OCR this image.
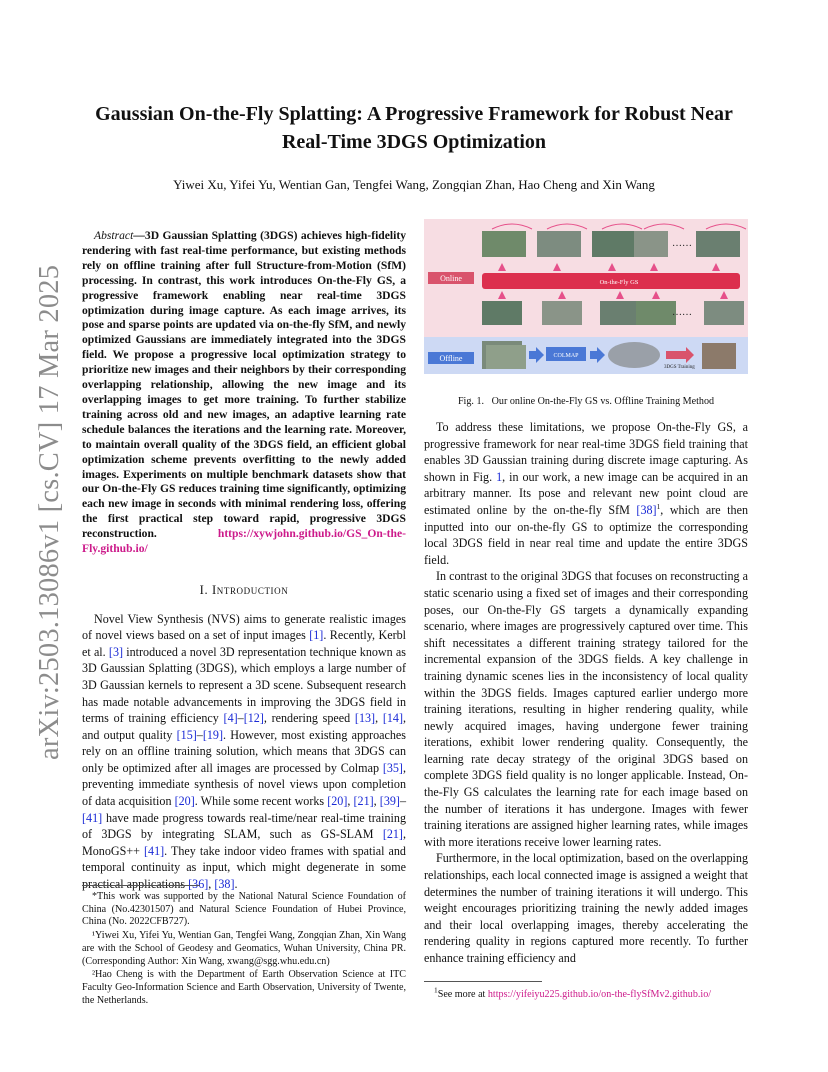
arXiv:2503.13086v1 [cs.CV] 17 Mar 2025
Gaussian On-the-Fly Splatting: A Progressive Framework for Robust Near Real-Time 3DGS Optimization
Yiwei Xu, Yifei Yu, Wentian Gan, Tengfei Wang, Zongqian Zhan, Hao Cheng and Xin Wang

Abstract—3D Gaussian Splatting (3DGS) achieves high-fidelity rendering with fast real-time performance, but existing methods rely on offline training after full Structure-from-Motion (SfM) processing. In contrast, this work introduces On-the-Fly GS, a progressive framework enabling near real-time 3DGS optimization during image capture. As each image arrives, its pose and sparse points are updated via on-the-fly SfM, and newly optimized Gaussians are immediately integrated into the 3DGS field. We propose a progressive local optimization strategy to prioritize new images and their neighbors by their corresponding overlapping relationship, allowing the new image and its overlapping images to get more training. To further stabilize training across old and new images, an adaptive learning rate schedule balances the iterations and the learning rate. Moreover, to maintain overall quality of the 3DGS field, an efficient global optimization scheme prevents overfitting to the newly added images. Experiments on multiple benchmark datasets show that our On-the-Fly GS reduces training time significantly, optimizing each new image in seconds with minimal rendering loss, offering the first practical step toward rapid, progressive 3DGS reconstruction.	https://xywjohn.github.io/GS_On-the-Fly.github.io/

I. Introduction

Novel View Synthesis (NVS) aims to generate realistic images of novel views based on a set of input images [1]. Recently, Kerbl et al. [3] introduced a novel 3D representation technique known as 3D Gaussian Splatting (3DGS), which employs a large number of 3D Gaussian kernels to represent a 3D scene. Subsequent research has made notable advancements in improving the 3DGS field in terms of training efficiency [4]–[12], rendering speed [13], [14], and output quality [15]–[19]. However, most existing approaches rely on an offline training solution, which means that 3DGS can only be optimized after all images are processed by Colmap [35], preventing immediate synthesis of novel views upon completion of data acquisition [20]. While some recent works [20], [21], [39]–[41] have made progress towards real-time/near real-time training of 3DGS by integrating SLAM, such as GS-SLAM [21], MonoGS++ [41]. They take indoor video frames with spatial and temporal continuity as input, which might degenerate in some practical applications [36], [38].

*This work was supported by the National Natural Science Foundation of China (No.42301507) and Natural Science Foundation of Hubei Province, China (No. 2022CFB727).

¹Yiwei Xu, Yifei Yu, Wentian Gan, Tengfei Wang, Zongqian Zhan, Xin Wang are with the School of Geodesy and Geomatics, Wuhan University, China PR. (Corresponding Author: Xin Wang, xwang@sgg.whu.edu.cn)

²Hao Cheng is with the Department of Earth Observation Science at ITC Faculty Geo-Information Science and Earth Observation, University of Twente, the Netherlands.

Online
Offline
On-the-Fly GS
……
……
COLMAP
3DGS Training
Fig. 1. Our online On-the-Fly GS vs. Offline Training Method

To address these limitations, we propose On-the-Fly GS, a progressive framework for near real-time 3DGS field training that enables 3D Gaussian training during discrete image capturing. As shown in Fig. 1, in our work, a new image can be acquired in an arbitrary manner. Its pose and relevant new point cloud are estimated online by the on-the-fly SfM $[38]^1$, which are then inputted into our on-the-fly GS to optimize the corresponding local 3DGS field in near real time and update the entire 3DGS field.

In contrast to the original 3DGS that focuses on reconstructing a static scenario using a fixed set of images and their corresponding poses, our On-the-Fly GS targets a dynamically expanding scenario, where images are progressively captured over time. This shift necessitates a different training strategy tailored for the incremental expansion of the 3DGS fields. A key challenge in training dynamic scenes lies in the inconsistency of local quality within the 3DGS fields. Images captured earlier undergo more training iterations, resulting in higher rendering quality, while newly acquired images, having undergone fewer training iterations, exhibit lower rendering quality. Consequently, the learning rate decay strategy of the original 3DGS based on complete 3DGS field quality is no longer applicable. Instead, On-the-Fly GS calculates the learning rate for each image based on the number of iterations it has undergone. Images with fewer training iterations are assigned higher learning rates, while images with more iterations receive lower learning rates.

Furthermore, in the local optimization, based on the overlapping relationships, each local connected image is assigned a weight that determines the number of training iterations it will undergo. This weight encourages prioritizing training the newly added images and their local overlapping images, thereby accelerating the rendering quality in regions captured more recently. To further enhance training efficiency and

$^1$See more at https://yifeiyu225.github.io/on-the-flySfMv2.github.io/
